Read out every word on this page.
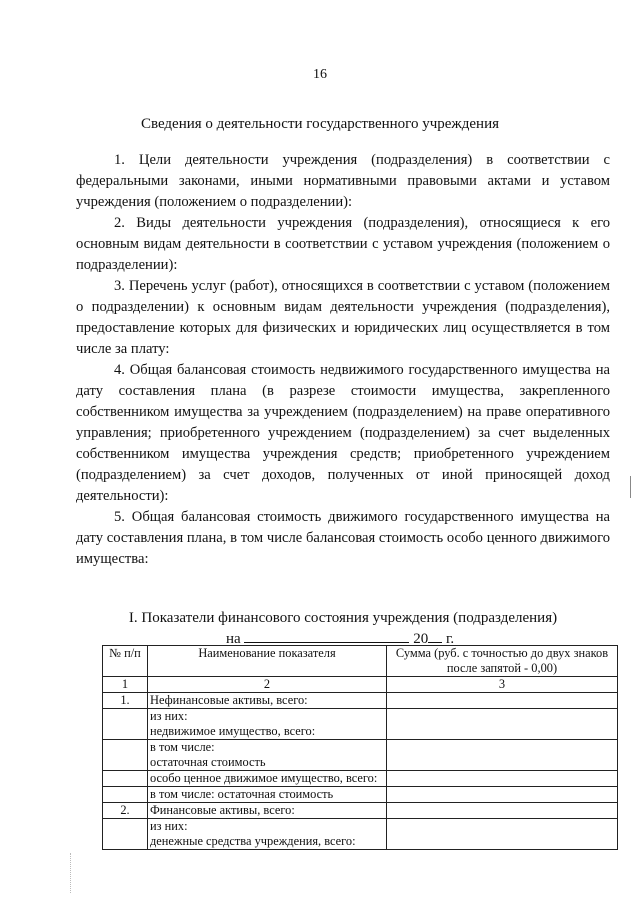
16
Сведения о деятельности государственного учреждения

1. Цели деятельности учреждения (подразделения) в соответствии с федеральными законами, иными нормативными правовыми актами и уставом учреждения (положением о подразделении):

2. Виды деятельности учреждения (подразделения), относящиеся к его основным видам деятельности в соответствии с уставом учреждения (положением о подразделении):

3. Перечень услуг (работ), относящихся в соответствии с уставом (положением о подразделении) к основным видам деятельности учреждения (подразделения), предоставление которых для физических и юридических лиц осуществляется в том числе за плату:

4. Общая балансовая стоимость недвижимого государственного имущества на дату составления плана (в разрезе стоимости имущества, закрепленного собственником имущества за учреждением (подразделением) на праве оперативного управления; приобретенного учреждением (подразделением) за счет выделенных собственником имущества учреждения средств; приобретенного учреждением (подразделением) за счет доходов, полученных от иной приносящей доход деятельности):

5. Общая балансовая стоимость движимого государственного имущества на дату составления плана, в том числе балансовая стоимость особо ценного движимого имущества:

I. Показатели финансового состояния учреждения (подразделения)
на	20 г.
№ п/п	Наименование показателя	Сумма (руб. с точностью до двух знаков после запятой - 0,00)
1	2	3
1.	Нефинансовые активы, всего:	

	из них:
недвижимое имущество, всего:	

	в том числе:
остаточная стоимость	

	особо ценное движимое имущество, всего:	
	в том числе: остаточная стоимость	
2.	Финансовые активы, всего:	

	из них:
денежные средства учреждения, всего:	
